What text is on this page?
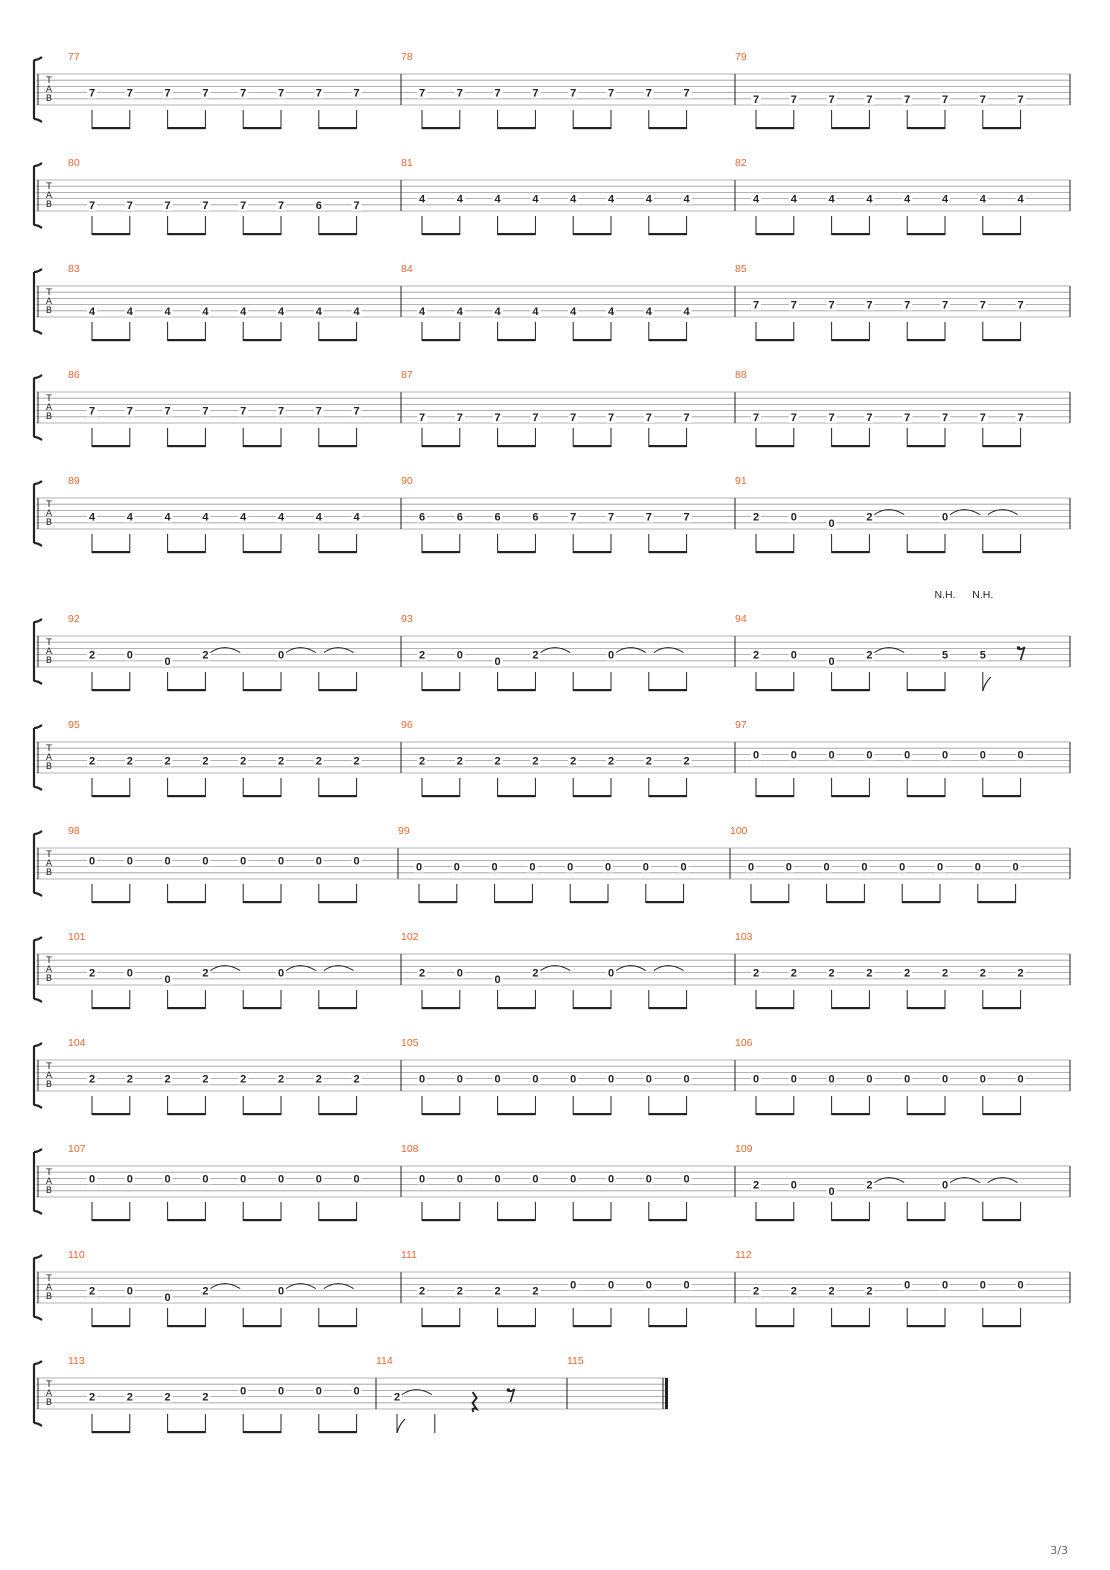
T
A
B
77
7	7	7	7	7	7	7	7
78
7	7	7	7	7	7	7	7
79
7	7	7	7	7	7	7	7
T
A
B
80
7	7	7	7	7	7	6	7
81
4	4	4	4	4	4	4	4
82
4	4	4	4	4	4	4	4
T
A
B
83
4	4	4	4	4	4	4	4
84
4	4	4	4	4	4	4	4
85
7	7	7	7	7	7	7	7
T
A
B
86
7	7	7	7	7	7	7	7
87
7	7	7	7	7	7	7	7
88
7	7	7	7	7	7	7	7
T
A
B
89
4	4	4	4	4	4	4	4
90
6	6	6	6	7	7	7	7
91
2	0
0
2	0
T
A
B
92
2	0
0
2	0
93
2	0
0
2	0
94
2	0
0
2	5
N.H.
5
N.H.
T
A
B
95
2	2	2	2	2	2	2	2
96
2	2	2	2	2	2	2	2
97
0	0	0	0	0	0	0	0
T
A
B
98
0	0	0	0	0	0	0	0
99
0	0	0	0	0	0	0	0
100
0	0	0	0	0	0	0	0
T
A
B
101
2	0
0
2	0
102
2	0
0
2	0
103
2	2	2	2	2	2	2	2
T
A
B
104
2	2	2	2	2	2	2	2
105
0	0	0	0	0	0	0	0
106
0	0	0	0	0	0	0	0
T
A
B
107
0	0	0	0	0	0	0	0
108
0	0	0	0	0	0	0	0
109
2	0
0
2	0
T
A
B
110
2	0
0
2	0
111
2	2	2	2
0	0	0	0
112
2	2	2	2
0	0	0	0
T
A
B
113
2	2	2	2
0	0	0	0
114
2
115
3/3
